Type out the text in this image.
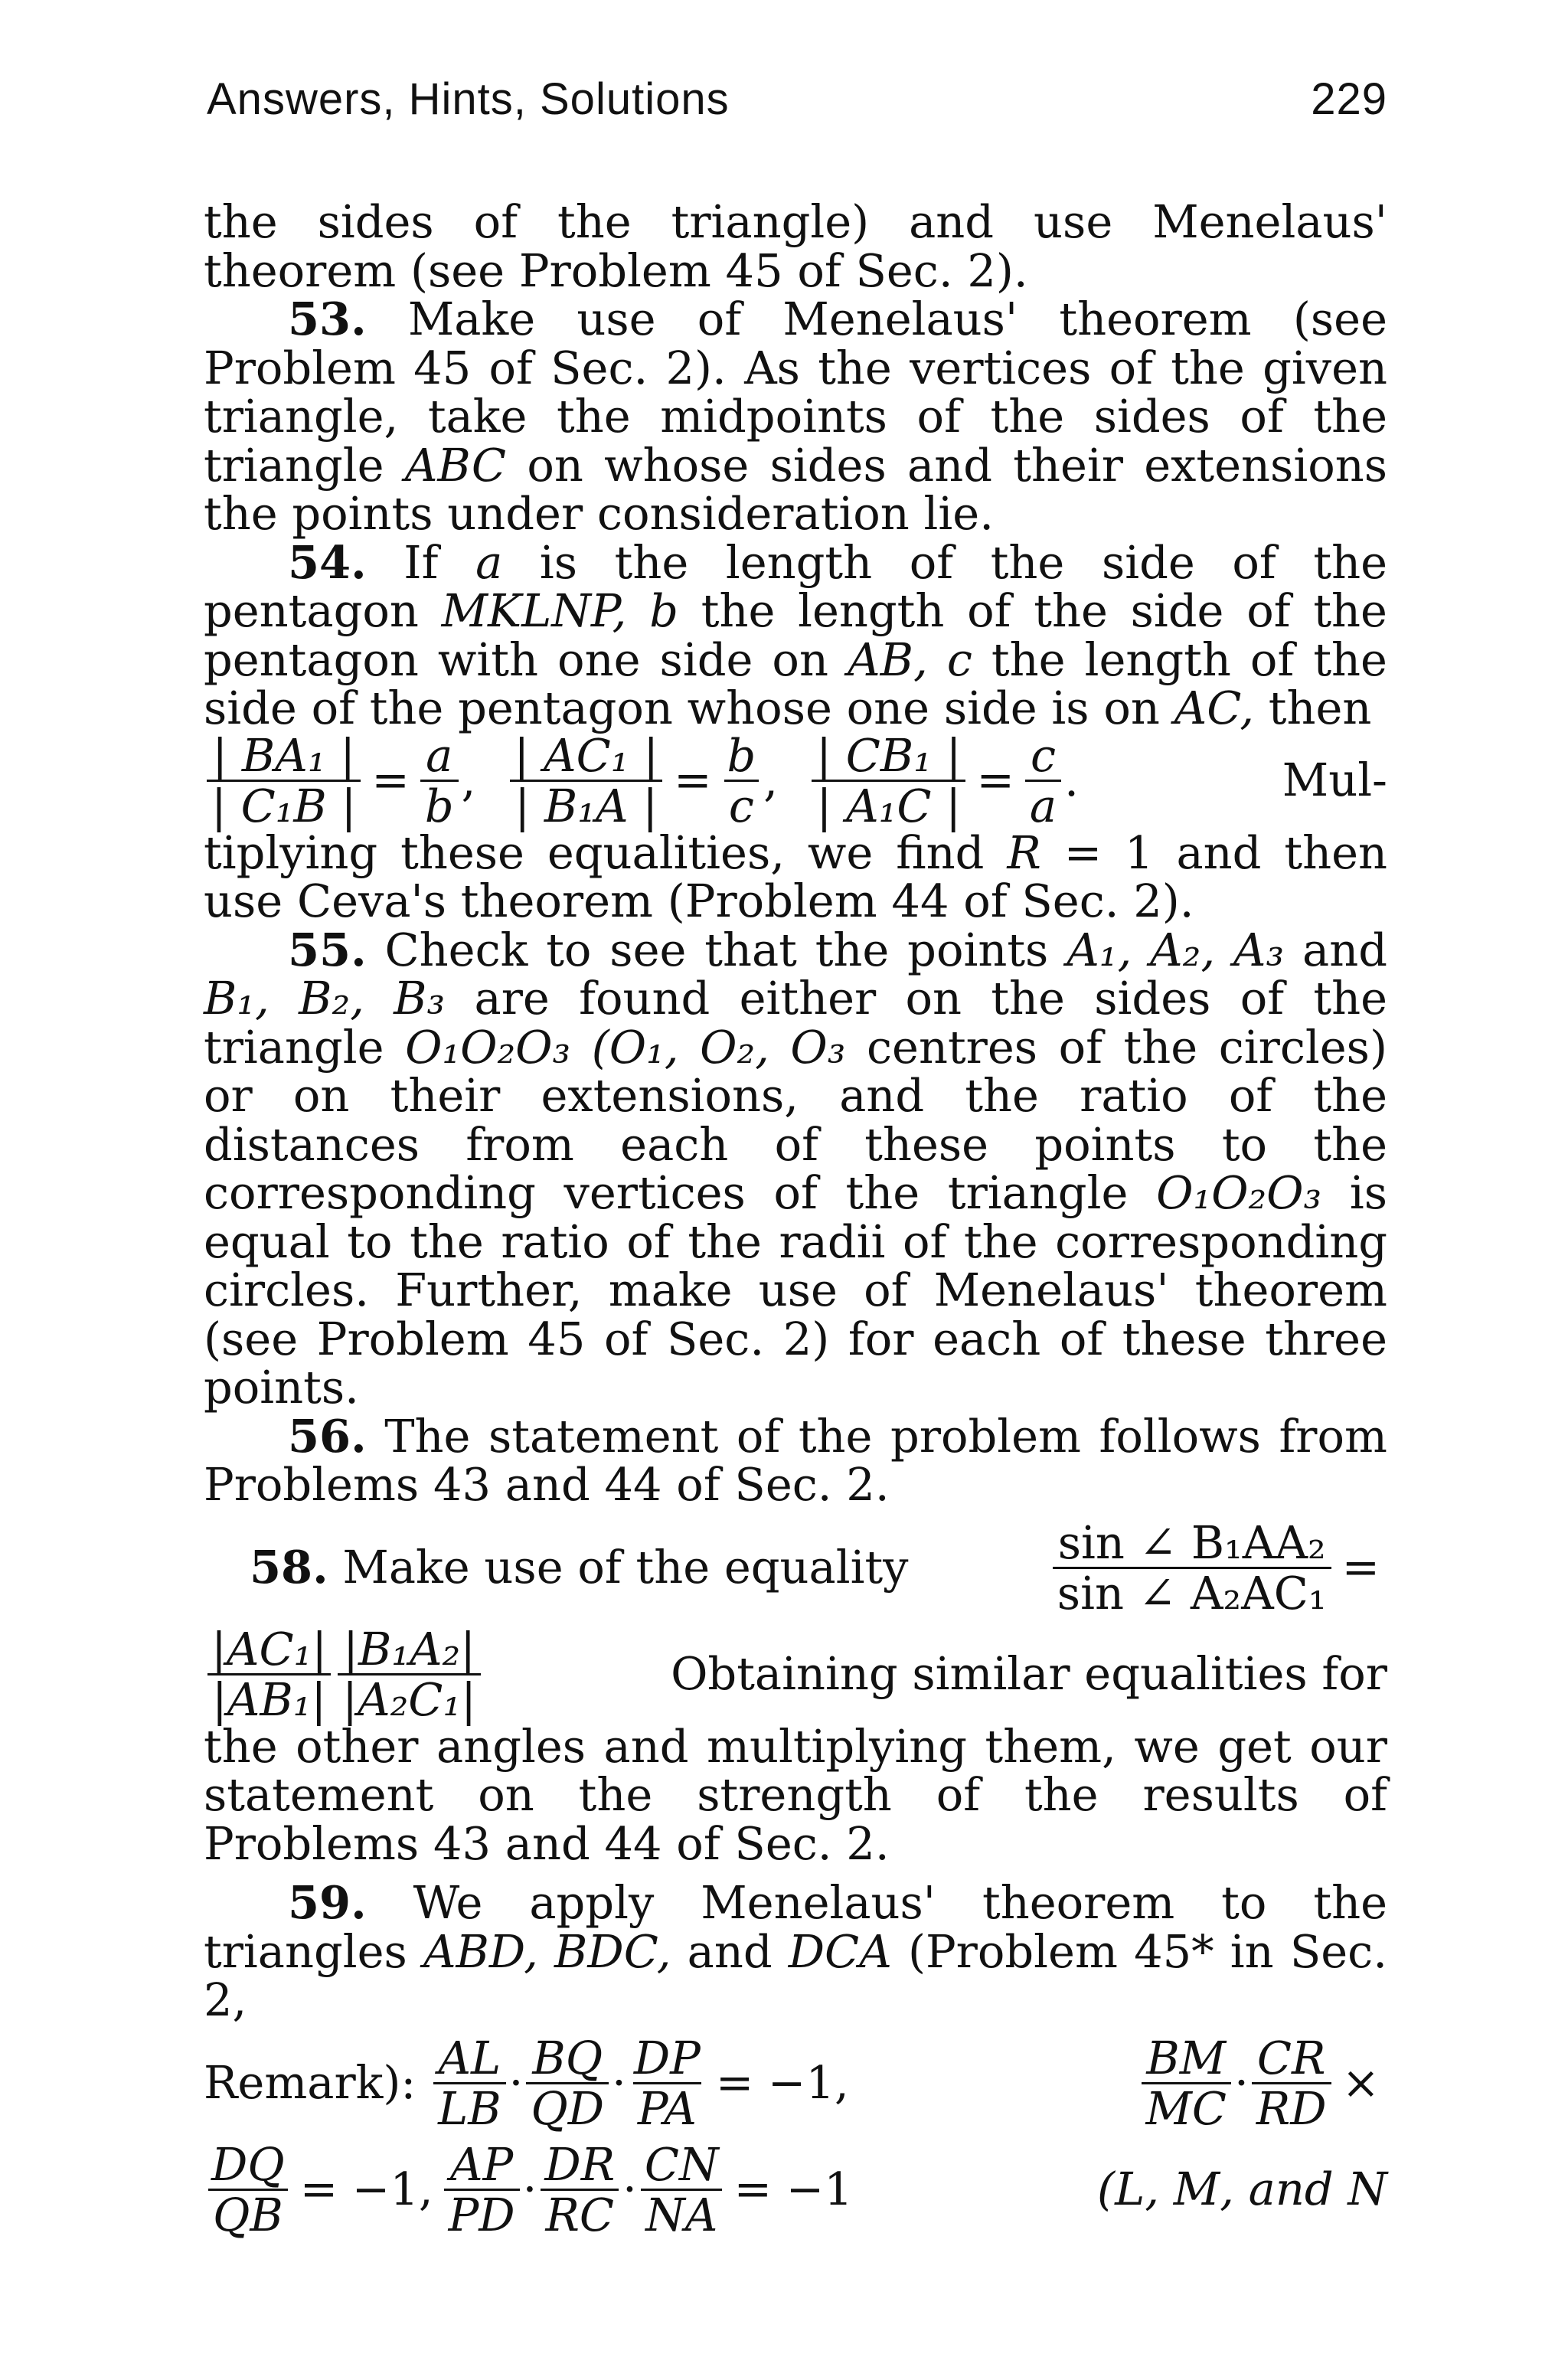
Answers, Hints, Solutions	229

the sides of the triangle) and use Menelaus' theorem (see Problem 45 of Sec. 2).

53. Make use of Menelaus' theorem (see Problem 45 of Sec. 2). As the vertices of the given triangle, take the midpoints of the sides of the triangle ABC on whose sides and their extensions the points under consideration lie.

54. If a is the length of the side of the pentagon MKLNP, b the length of the side of the pentagon with one side on AB, c the length of the side of the pentagon whose one side is on AC, then

$\frac{\text{| BA₁ |}}{\text{| C₁B |}} = \frac{a}{b}$ , $\frac{\text{| AC₁ |}}{\text{| B₁A |}} = \frac{b}{c}$ , $\frac{\text{| CB₁ |}}{\text{| A₁C |}} = \frac{c}{a}$ .	Mul-

tiplying these equalities, we find R = 1 and then use Ceva's theorem (Problem 44 of Sec. 2).

55. Check to see that the points A₁, A₂, A₃ and B₁, B₂, B₃ are found either on the sides of the triangle O₁O₂O₃ (O₁, O₂, O₃ centres of the circles) or on their extensions, and the ratio of the distances from each of these points to the corresponding vertices of the triangle O₁O₂O₃ is equal to the ratio of the radii of the corresponding circles. Further, make use of Menelaus' theorem (see Problem 45 of Sec. 2) for each of these three points.

56. The statement of the problem follows from Problems 43 and 44 of Sec. 2.

58.
Make use of the equality	$\frac{\text{sin ∠ B₁AA₂}}{\text{sin ∠ A₂AC₁}}$ =
$\frac{\text{|AC₁|}}{\text{|AB₁|}} \frac{\text{|B₁A₂|}}{\text{|A₂C₁|}}$	Obtaining similar equalities for

the other angles and multiplying them, we get our statement on the strength of the results of Problems 43 and 44 of Sec. 2.

59. We apply Menelaus' theorem to the triangles ABD, BDC, and DCA (Problem 45* in Sec. 2,

Remark):
$\frac{AL}{LB} \cdot \frac{BQ}{QD} \cdot \frac{DP}{PA} = -1$,	$\frac{BM}{MC} \cdot \frac{CR}{RD}$ ×
$\frac{DQ}{QB} = -1$, $\frac{AP}{PD} \cdot \frac{DR}{RC} \cdot \frac{CN}{NA} = -1$	(L, M, and N
